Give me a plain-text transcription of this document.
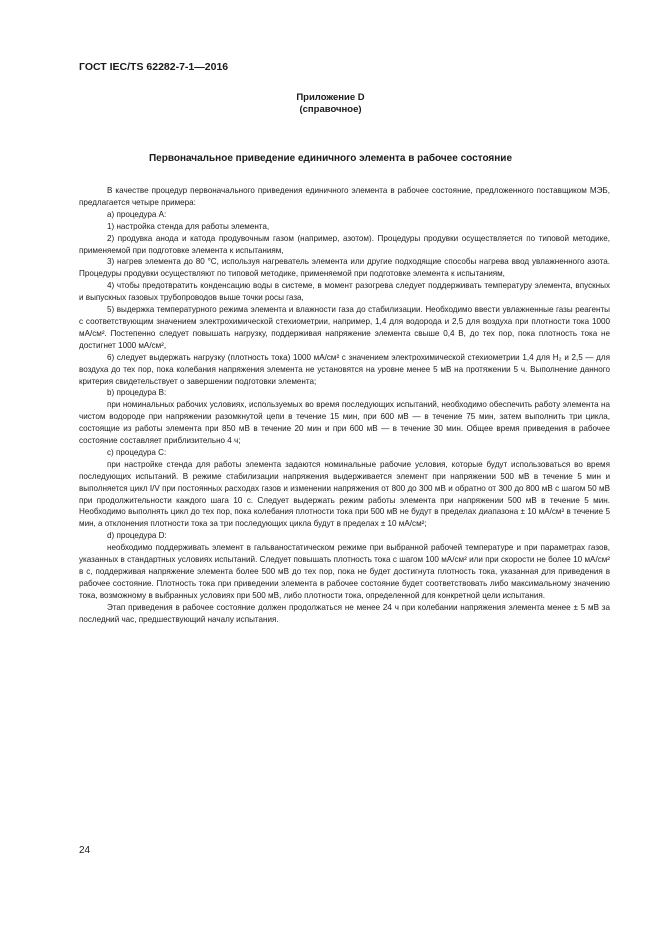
ГОСТ IEC/TS 62282-7-1—2016
Приложение D
(справочное)
Первоначальное приведение единичного элемента в рабочее состояние

В качестве процедур первоначального приведения единичного элемента в рабочее состояние, предложенного поставщиком МЭБ, предлагается четыре примера:

а) процедура А:

1) настройка стенда для работы элемента,

2) продувка анода и катода продувочным газом (например, азотом). Процедуры продувки осуществляется по типовой методике, применяемой при подготовке элемента к испытаниям,

3) нагрев элемента до 80 °С, используя нагреватель элемента или другие подходящие способы нагрева ввод увлажненного азота. Процедуры продувки осуществляют по типовой методике, применяемой при подготовке элемента к испытаниям,

4) чтобы предотвратить конденсацию воды в системе, в момент разогрева следует поддерживать температуру элемента, впускных и выпускных газовых трубопроводов выше точки росы газа,

5) выдержка температурного режима элемента и влажности газа до стабилизации. Необходимо ввести увлажненные газы реагенты с соответствующим значением электрохимической стехиометрии, например, 1,4 для водорода и 2,5 для воздуха при плотности тока 1000 мА/см². Постепенно следует повышать нагрузку, поддерживая напряжение элемента свыше 0,4 В, до тех пор, пока плотность тока не достигнет 1000 мА/см²,

6) следует выдержать нагрузку (плотность тока) 1000 мА/см² с значением электрохимической стехиометрии 1,4 для H₂ и 2,5 — для воздуха до тех пор, пока колебания напряжения элемента не установятся на уровне менее 5 мВ на протяжении 5 ч. Выполнение данного критерия свидетельствует о завершении подготовки элемента;

b) процедура В:

при номинальных рабочих условиях, используемых во время последующих испытаний, необходимо обеспечить работу элемента на чистом водороде при напряжении разомкнутой цепи в течение 15 мин, при 600 мВ — в течение 75 мин, затем выполнить три цикла, состоящие из работы элемента при 850 мВ в течение 20 мин и при 600 мВ — в течение 30 мин. Общее время приведения в рабочее состояние составляет приблизительно 4 ч;

с) процедура С:

при настройке стенда для работы элемента задаются номинальные рабочие условия, которые будут использоваться во время последующих испытаний. В режиме стабилизации напряжения выдерживается элемент при напряжении 500 мВ в течение 5 мин и выполняется цикл I/V при постоянных расходах газов и изменении напряжения от 800 до 300 мВ и обратно от 300 до 800 мВ с шагом 50 мВ при продолжительности каждого шага 10 с. Следует выдержать режим работы элемента при напряжении 500 мВ в течение 5 мин. Необходимо выполнять цикл до тех пор, пока колебания плотности тока при 500 мВ не будут в пределах диапазона ± 10 мА/см² в течение 5 мин, а отклонения плотности тока за три последующих цикла будут в пределах ± 10 мА/см²;

d) процедура D:

необходимо поддерживать элемент в гальваностатическом режиме при выбранной рабочей температуре и при параметрах газов, указанных в стандартных условиях испытаний. Следует повышать плотность тока с шагом 100 мА/см² или при скорости не более 10 мА/см² в с, поддерживая напряжение элемента более 500 мВ до тех пор, пока не будет достигнута плотность тока, указанная для приведения в рабочее состояние. Плотность тока при приведении элемента в рабочее состояние будет соответствовать либо максимальному значению тока, возможному в выбранных условиях при 500 мВ, либо плотности тока, определенной для конкретной цели испытания.

Этап приведения в рабочее состояние должен продолжаться не менее 24 ч при колебании напряжения элемента менее ± 5 мВ за последний час, предшествующий началу испытания.

24
